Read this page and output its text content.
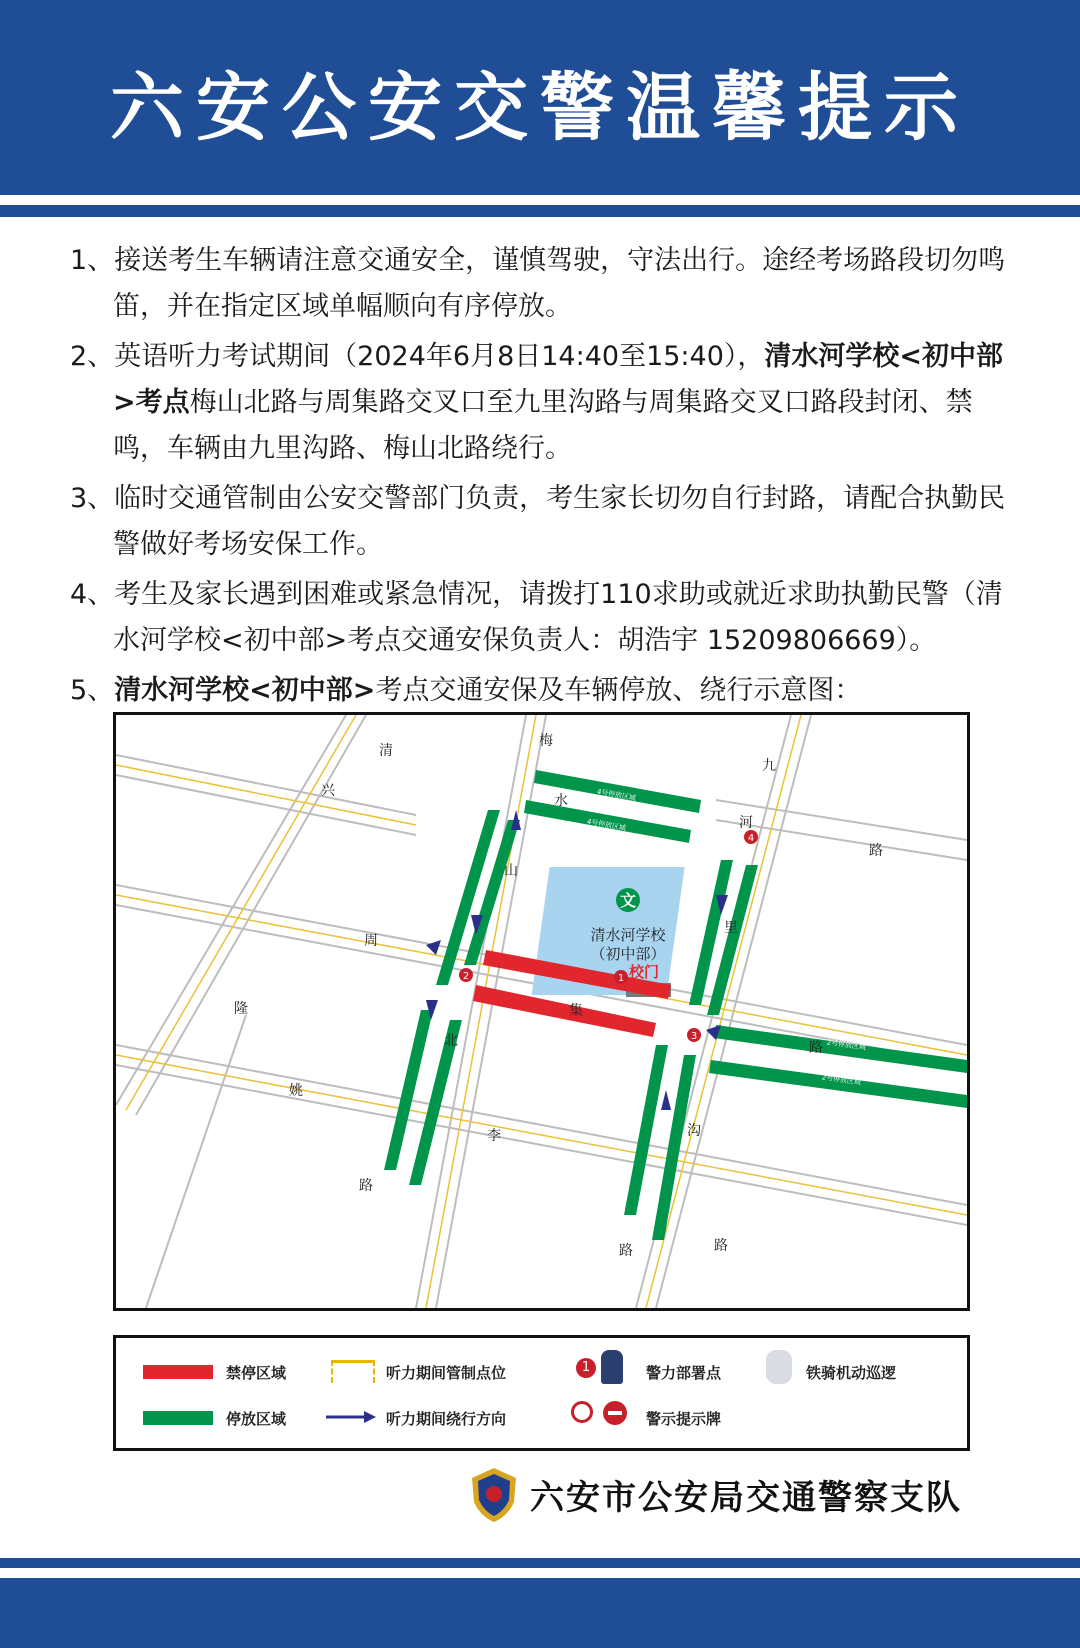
六安公安交警温馨提示
1、接送考生车辆请注意交通安全，谨慎驾驶，守法出行。途经考场路段切勿鸣笛，并在指定区域单幅顺向有序停放。
2、英语听力考试期间（2024年6月8日14:40至15:40），清水河学校<初中部>考点梅山北路与周集路交叉口至九里沟路与周集路交叉口路段封闭、禁鸣，车辆由九里沟路、梅山北路绕行。
3、临时交通管制由公安交警部门负责，考生家长切勿自行封路，请配合执勤民警做好考场安保工作。
4、考生及家长遇到困难或紧急情况，请拨打110求助或就近求助执勤民警（清水河学校<初中部>考点交通安保负责人：胡浩宇 15209806669）。
5、清水河学校<初中部>考点交通安保及车辆停放、绕行示意图：
文
清水河学校
（初中部）
校门
4号停放区域
4号停放区域
2号停放区域
2号停放区域
1
2
3
4
兴
清
梅
水
九
河
路
山
里
周
隆
北
集
路
沟
姚
李
路
路	路
禁停区域
停放区域
听力期间管制点位
听力期间绕行方向
1	警力部署点
警示提示牌
铁骑机动巡逻
六安市公安局交通警察支队
